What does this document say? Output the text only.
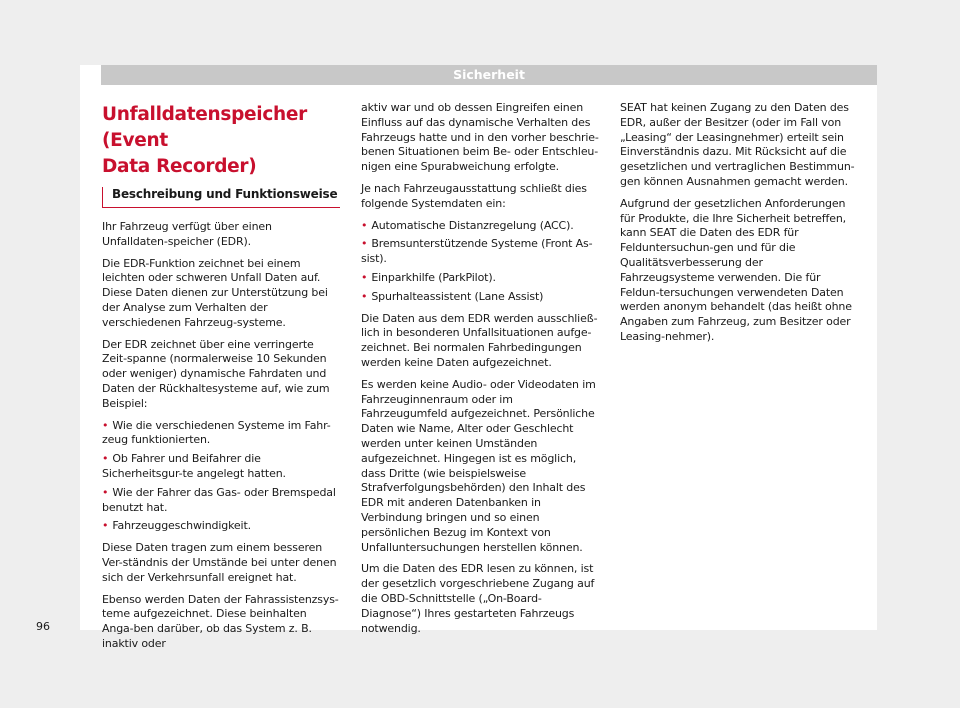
Sicherheit
Unfalldatenspeicher (Event
Data Recorder)
Beschreibung und Funktionsweise

Ihr Fahrzeug verfügt über einen Unfalldaten-speicher (EDR).

Die EDR-Funktion zeichnet bei einem leichten oder schweren Unfall Daten auf. Diese Daten dienen zur Unterstützung bei der Analyse zum Verhalten der verschiedenen Fahrzeug-systeme.

Der EDR zeichnet über eine verringerte Zeit-spanne (normalerweise 10 Sekunden oder weniger) dynamische Fahrdaten und Daten der Rückhaltesysteme auf, wie zum Beispiel:

• Wie die verschiedenen Systeme im Fahr-zeug funktionierten.
• Ob Fahrer und Beifahrer die Sicherheitsgur-te angelegt hatten.
• Wie der Fahrer das Gas- oder Bremspedal benutzt hat.
• Fahrzeuggeschwindigkeit.

Diese Daten tragen zum einem besseren Ver-ständnis der Umstände bei unter denen sich der Verkehrsunfall ereignet hat.

Ebenso werden Daten der Fahrassistenzsys-teme aufgezeichnet. Diese beinhalten Anga-ben darüber, ob das System z. B. inaktiv oder

aktiv war und ob dessen Eingreifen einen Einfluss auf das dynamische Verhalten des Fahrzeugs hatte und in den vorher beschrie-benen Situationen beim Be- oder Entschleu-nigen eine Spurabweichung erfolgte.

Je nach Fahrzeugausstattung schließt dies folgende Systemdaten ein:

• Automatische Distanzregelung (ACC).
• Bremsunterstützende Systeme (Front As-sist).
• Einparkhilfe (ParkPilot).
• Spurhalteassistent (Lane Assist)

Die Daten aus dem EDR werden ausschließ-lich in besonderen Unfallsituationen aufge-zeichnet. Bei normalen Fahrbedingungen werden keine Daten aufgezeichnet.

Es werden keine Audio- oder Videodaten im Fahrzeuginnenraum oder im Fahrzeugumfeld aufgezeichnet. Persönliche Daten wie Name, Alter oder Geschlecht werden unter keinen Umständen aufgezeichnet. Hingegen ist es möglich, dass Dritte (wie beispielsweise Strafverfolgungsbehörden) den Inhalt des EDR mit anderen Datenbanken in Verbindung bringen und so einen persönlichen Bezug im Kontext von Unfalluntersuchungen herstellen können.

Um die Daten des EDR lesen zu können, ist der gesetzlich vorgeschriebene Zugang auf die OBD-Schnittstelle („On-Board-Diagnose“) Ihres gestarteten Fahrzeugs notwendig.

SEAT hat keinen Zugang zu den Daten des EDR, außer der Besitzer (oder im Fall von „Leasing“ der Leasingnehmer) erteilt sein Einverständnis dazu. Mit Rücksicht auf die gesetzlichen und vertraglichen Bestimmun-gen können Ausnahmen gemacht werden.

Aufgrund der gesetzlichen Anforderungen für Produkte, die Ihre Sicherheit betreffen, kann SEAT die Daten des EDR für Felduntersuchun-gen und für die Qualitätsverbesserung der Fahrzeugsysteme verwenden. Die für Feldun-tersuchungen verwendeten Daten werden anonym behandelt (das heißt ohne Angaben zum Fahrzeug, zum Besitzer oder Leasing-nehmer).

96
